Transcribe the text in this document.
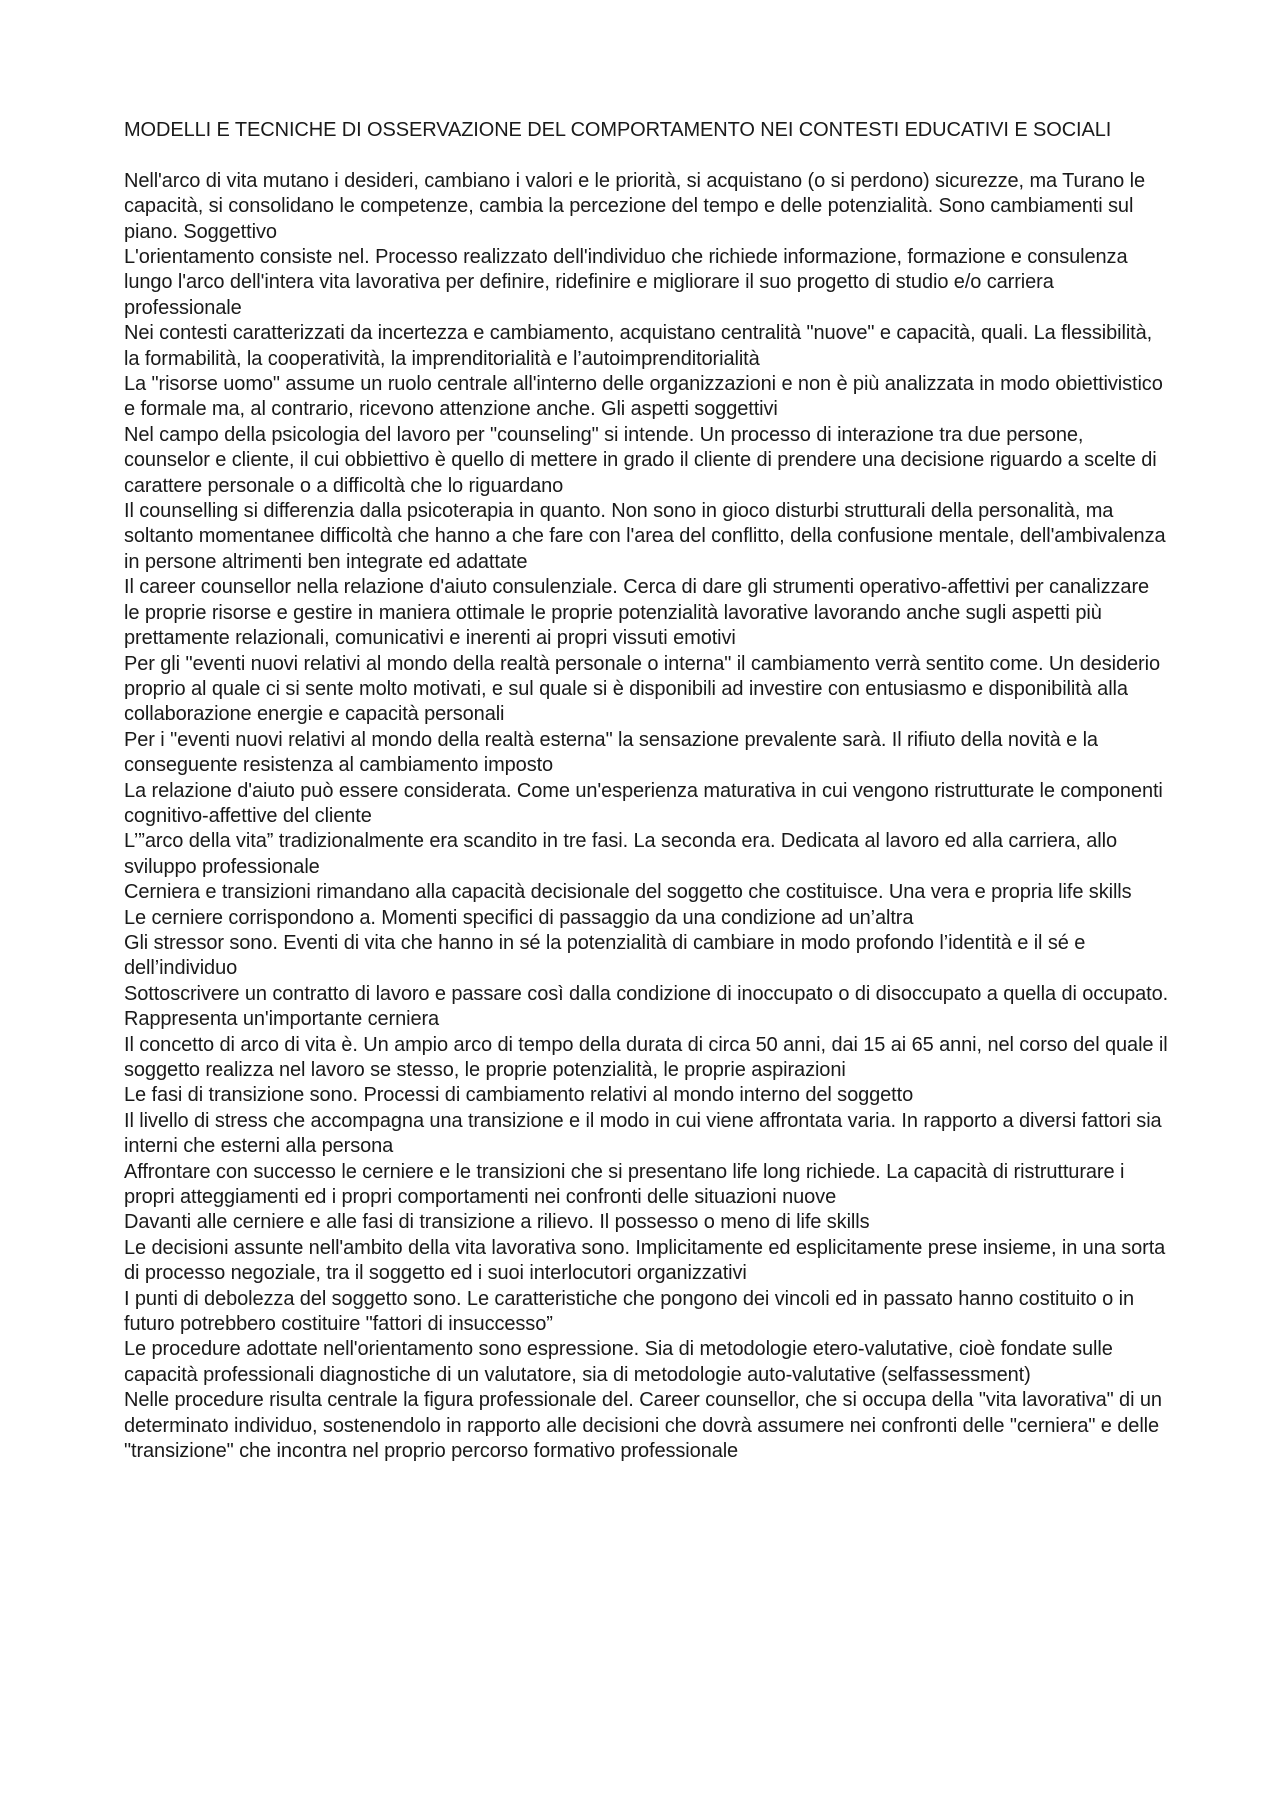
MODELLI E TECNICHE DI OSSERVAZIONE DEL COMPORTAMENTO NEI CONTESTI EDUCATIVI E SOCIALI

Nell'arco di vita mutano i desideri, cambiano i valori e le priorità, si acquistano (o si perdono) sicurezze, ma Turano le capacità, si consolidano le competenze, cambia la percezione del tempo e delle potenzialità. Sono cambiamenti sul piano. Soggettivo

L'orientamento consiste nel. Processo realizzato dell'individuo che richiede informazione, formazione e consulenza lungo l'arco dell'intera vita lavorativa per definire, ridefinire e migliorare il suo progetto di studio e/o carriera professionale

Nei contesti caratterizzati da incertezza e cambiamento, acquistano centralità "nuove" e capacità, quali. La flessibilità, la formabilità, la cooperatività, la imprenditorialità e l’autoimprenditorialità

La "risorse uomo" assume un ruolo centrale all'interno delle organizzazioni e non è più analizzata in modo obiettivistico e formale ma, al contrario, ricevono attenzione anche. Gli aspetti soggettivi

Nel campo della psicologia del lavoro per "counseling" si intende. Un processo di interazione tra due persone, counselor e cliente, il cui obbiettivo è quello di mettere in grado il cliente di prendere una decisione riguardo a scelte di carattere personale o a difficoltà che lo riguardano

Il counselling si differenzia dalla psicoterapia in quanto. Non sono in gioco disturbi strutturali della personalità, ma soltanto momentanee difficoltà che hanno a che fare con l'area del conflitto, della confusione mentale, dell'ambivalenza in persone altrimenti ben integrate ed adattate

Il career counsellor nella relazione d'aiuto consulenziale. Cerca di dare gli strumenti operativo-affettivi per canalizzare le proprie risorse e gestire in maniera ottimale le proprie potenzialità lavorative lavorando anche sugli aspetti più prettamente relazionali, comunicativi e inerenti ai propri vissuti emotivi

Per gli "eventi nuovi relativi al mondo della realtà personale o interna" il cambiamento verrà sentito come. Un desiderio proprio al quale ci si sente molto motivati, e sul quale si è disponibili ad investire con entusiasmo e disponibilità alla collaborazione energie e capacità personali

Per i "eventi nuovi relativi al mondo della realtà esterna" la sensazione prevalente sarà. Il rifiuto della novità e la conseguente resistenza al cambiamento imposto

La relazione d'aiuto può essere considerata. Come un'esperienza maturativa in cui vengono ristrutturate le componenti cognitivo-affettive del cliente

L’”arco della vita” tradizionalmente era scandito in tre fasi. La seconda era. Dedicata al lavoro ed alla carriera, allo sviluppo professionale

Cerniera e transizioni rimandano alla capacità decisionale del soggetto che costituisce. Una vera e propria life skills

Le cerniere corrispondono a. Momenti specifici di passaggio da una condizione ad un’altra

Gli stressor sono. Eventi di vita che hanno in sé la potenzialità di cambiare in modo profondo l’identità e il sé e dell’individuo

Sottoscrivere un contratto di lavoro e passare così dalla condizione di inoccupato o di disoccupato a quella di occupato. Rappresenta un'importante cerniera

Il concetto di arco di vita è. Un ampio arco di tempo della durata di circa 50 anni, dai 15 ai 65 anni, nel corso del quale il soggetto realizza nel lavoro se stesso, le proprie potenzialità, le proprie aspirazioni

Le fasi di transizione sono. Processi di cambiamento relativi al mondo interno del soggetto

Il livello di stress che accompagna una transizione e il modo in cui viene affrontata varia. In rapporto a diversi fattori sia interni che esterni alla persona

Affrontare con successo le cerniere e le transizioni che si presentano life long richiede. La capacità di ristrutturare i propri atteggiamenti ed i propri comportamenti nei confronti delle situazioni nuove

Davanti alle cerniere e alle fasi di transizione a rilievo. Il possesso o meno di life skills

Le decisioni assunte nell'ambito della vita lavorativa sono. Implicitamente ed esplicitamente prese insieme, in una sorta di processo negoziale, tra il soggetto ed i suoi interlocutori organizzativi

I punti di debolezza del soggetto sono. Le caratteristiche che pongono dei vincoli ed in passato hanno costituito o in futuro potrebbero costituire "fattori di insuccesso”

Le procedure adottate nell'orientamento sono espressione. Sia di metodologie etero-valutative, cioè fondate sulle capacità professionali diagnostiche di un valutatore, sia di metodologie auto-valutative (selfassessment)

Nelle procedure risulta centrale la figura professionale del. Career counsellor, che si occupa della "vita lavorativa" di un determinato individuo, sostenendolo in rapporto alle decisioni che dovrà assumere nei confronti delle "cerniera" e delle "transizione" che incontra nel proprio percorso formativo professionale
